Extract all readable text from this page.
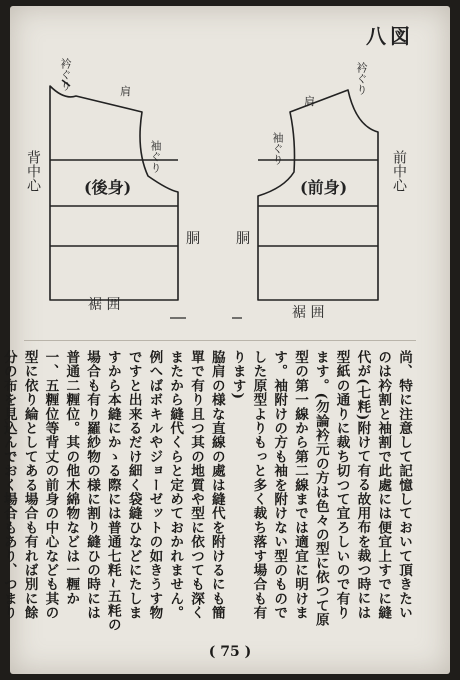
八図
衿ぐり
肩
袖ぐり
背中心	(後身)
胴
裾 囲
衿ぐり
肩
袖ぐり
前中心
(前身)
胴
裾 囲

尚、特に注意して記憶しておいて頂きたいのは衿割と袖割で此處には便宜上すでに縫代が(七粍)附けて有る故用布を裁つ時には型紙の通りに裁ち切つて宜ろしいので有ります。(勿論衿元の方は色々の型に依つて原型の第一線から第二線までは適宜に明けます。袖附けの方も袖を附けない型のものでした原型よりもっと多く裁ち落す場合も有ります)

脇肩の様な直線の處は縫代を附けるにも簡單で有り且つ其の地質や型に依つても深くまたから縫代くらと定めておかれません。例へばボキルやジョーゼットの如きうす物ですと出来るだけ細く袋縫ひなどにたしますから本縫にかゝる際には普通七粍~五粍の場合も有り羅紗物の様に割り縫ひの時には普通二糎位。其の他木綿物などは一糎か一、五糎位等背丈の前身の中心なども其の型に依り綸としてある場合も有れば別に餘分の布を見込んでおく場合もあり、つまり

( 75 )
